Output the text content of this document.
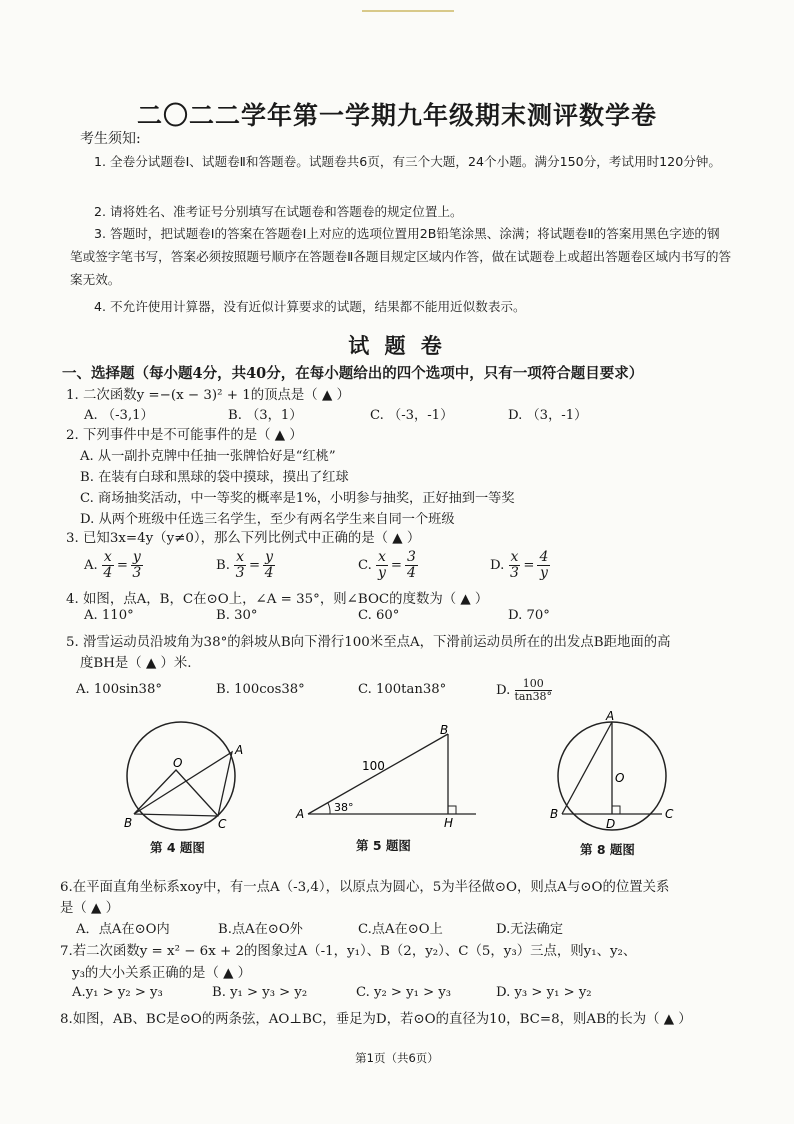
二〇二二学年第一学期九年级期末测评数学卷
考生须知:

1. 全卷分试题卷Ⅰ、试题卷Ⅱ和答题卷。试题卷共6页，有三个大题，24个小题。满分150分，考试用时120分钟。

2. 请将姓名、准考证号分别填写在试题卷和答题卷的规定位置上。

3. 答题时，把试题卷Ⅰ的答案在答题卷Ⅰ上对应的选项位置用2B铅笔涂黑、涂满；将试题卷Ⅱ的答案用黑色字迹的钢笔或签字笔书写，答案必须按照题号顺序在答题卷Ⅱ各题目规定区域内作答，做在试题卷上或超出答题卷区域内书写的答案无效。

4. 不允许使用计算器，没有近似计算要求的试题，结果都不能用近似数表示。

试 题 卷
一、选择题（每小题4分，共40分，在每小题给出的四个选项中，只有一项符合题目要求）
1. 二次函数y =−(x − 3)² + 1的顶点是（ ▲ ）
A. （-3,1）	B. （3，1）	C. （-3，-1）	D. （3，-1）
2. 下列事件中是不可能事件的是（ ▲ ）
A. 从一副扑克牌中任抽一张牌恰好是“红桃”
B. 在装有白球和黑球的袋中摸球，摸出了红球
C. 商场抽奖活动，中一等奖的概率是1%，小明参与抽奖，正好抽到一等奖
D. 从两个班级中任选三名学生，至少有两名学生来自同一个班级
3. 已知3x=4y（y≠0），那么下列比例式中正确的是（ ▲ ）
A. $\frac{x}{4} = \frac{y}{3}$	B. $\frac{x}{3} = \frac{y}{4}$	C. $\frac{x}{y} = \frac{3}{4}$	D. $\frac{x}{3} = \frac{4}{y}$
4. 如图，点A，B，C在⊙O上，∠A = 35°，则∠BOC的度数为（ ▲ ）
A. 110°	B. 30°	C. 60°	D. 70°
5. 滑雪运动员沿坡角为38°的斜坡从B向下滑行100米至点A，下滑前运动员所在的出发点B距地面的高
度BH是（ ▲ ）米.
A. 100sin38°	B. 100cos38°	C. 100tan38°	D. $\frac{100}{\tan 38^\circ}$
O
A
B	C
第 4 题图
A
B
H
100
38°
第 5 题图
A
O
B
D
C
第 8 题图
6.在平面直角坐标系xoy中，有一点A（-3,4），以原点为圆心，5为半径做⊙O，则点A与⊙O的位置关系
是（ ▲ ）
A．点A在⊙O内	B.点A在⊙O外	C.点A在⊙O上	D.无法确定
7.若二次函数y = x² − 6x + 2的图象过A（-1，y₁）、B（2，y₂）、C（5，y₃）三点，则y₁、y₂、
y₃的大小关系正确的是（ ▲ ）
A.y₁ > y₂ > y₃	B. y₁ > y₃ > y₂	C. y₂ > y₁ > y₃	D. y₃ > y₁ > y₂
8.如图，AB、BC是⊙O的两条弦，AO⊥BC，垂足为D，若⊙O的直径为10，BC=8，则AB的长为（ ▲ ）
第1页（共6页）
